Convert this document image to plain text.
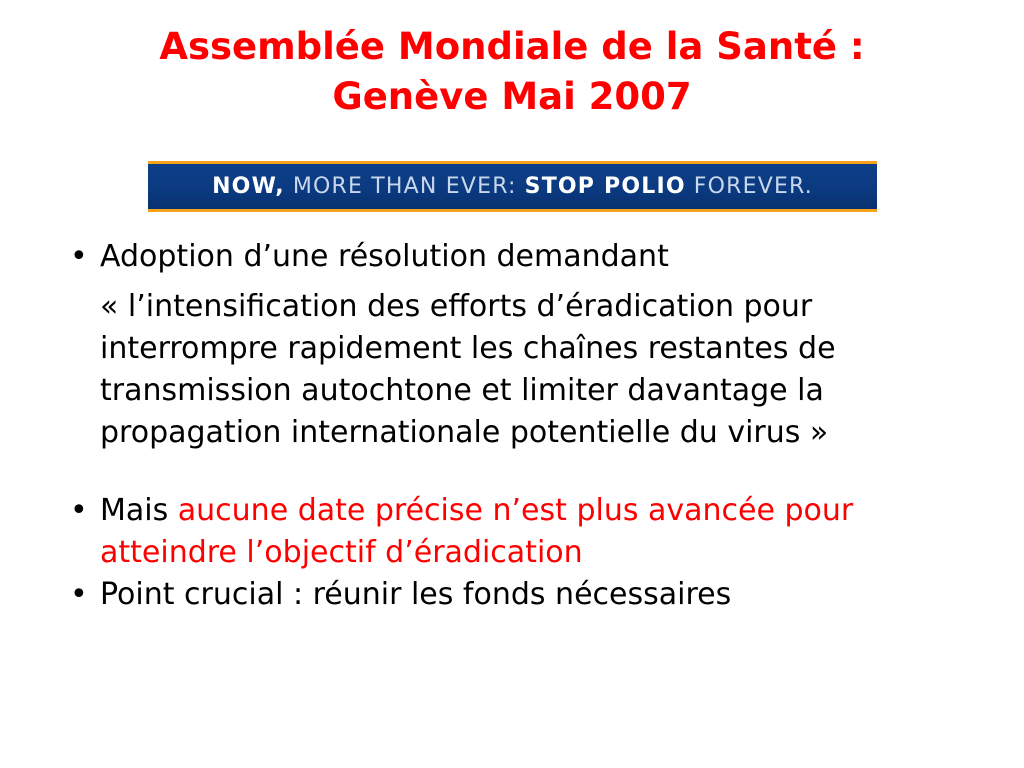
Assemblée Mondiale de la Santé :
Genève Mai 2007
NOW, MORE THAN EVER: STOP POLIO FOREVER.
• Adoption d’une résolution demandant

« l’intensification des efforts d’éradication pour interrompre rapidement les chaînes restantes de transmission autochtone et limiter davantage la propagation internationale potentielle du virus »

• Mais aucune date précise n’est plus avancée pour atteindre l’objectif d’éradication

• Point crucial : réunir les fonds nécessaires
